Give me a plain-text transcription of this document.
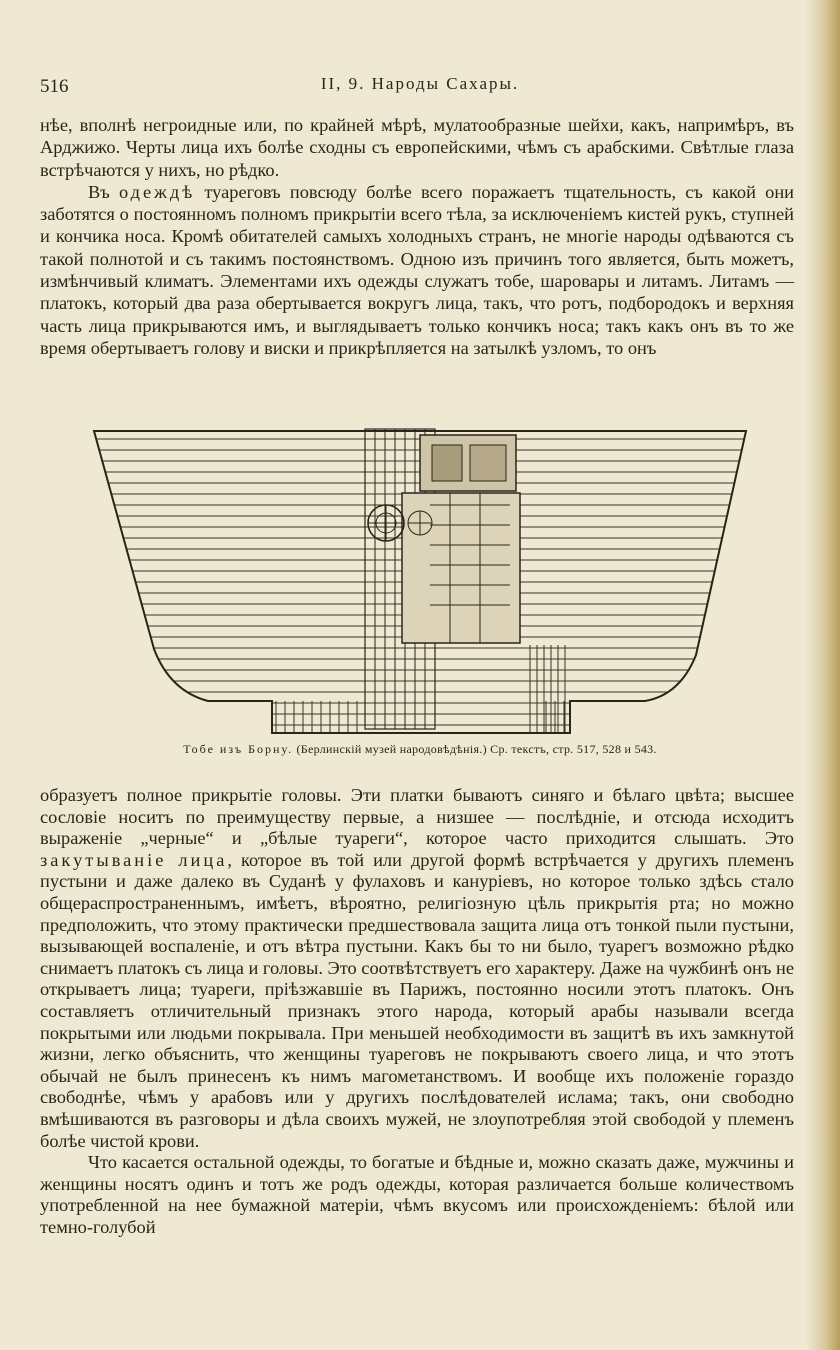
516	II, 9. Народы Сахары.

нѣе, вполнѣ негроидные или, по крайней мѣрѣ, мулатообразные шейхи, какъ, напримѣръ, въ Арджижо. Черты лица ихъ болѣе сходны съ европейскими, чѣмъ съ арабскими. Свѣтлые глаза встрѣчаются у нихъ, но рѣдко.

Въ одеждѣ туареговъ повсюду болѣе всего поражаетъ тщательность, съ какой они заботятся о постоянномъ полномъ прикрытіи всего тѣла, за исключеніемъ кистей рукъ, ступней и кончика носа. Кромѣ обитателей самыхъ холодныхъ странъ, не многіе народы одѣваются съ такой полнотой и съ такимъ постоянствомъ. Одною изъ причинъ того является, быть можетъ, измѣнчивый климатъ. Элементами ихъ одежды служатъ тобе, шаровары и литамъ. Литамъ — платокъ, который два раза обертывается вокругъ лица, такъ, что ротъ, подбородокъ и верхняя часть лица прикрываются имъ, и выглядываетъ только кончикъ носа; такъ какъ онъ въ то же время обертываетъ голову и виски и прикрѣпляется на затылкѣ узломъ, то онъ

Тобе изъ Борну. (Берлинскій музей народовѣдѣнія.) Ср. текстъ, стр. 517, 528 и 543.

образуетъ полное прикрытіе головы. Эти платки бываютъ синяго и бѣлаго цвѣта; высшее сословіе носитъ по преимуществу первые, а низшее — послѣдніе, и отсюда исходитъ выраженіе „черные“ и „бѣлые туареги“, которое часто приходится слышать. Это закутываніе лица, которое въ той или другой формѣ встрѣчается у другихъ племенъ пустыни и даже далеко въ Суданѣ у фулаховъ и канурiевъ, но которое только здѣсь стало общераспространеннымъ, имѣетъ, вѣроятно, религіозную цѣль прикрытія рта; но можно предположить, что этому практически предшествовала защита лица отъ тонкой пыли пустыни, вызывающей воспаленіе, и отъ вѣтра пустыни. Какъ бы то ни было, туарегъ возможно рѣдко снимаетъ платокъ съ лица и головы. Это соотвѣтствуетъ его характеру. Даже на чужбинѣ онъ не открываетъ лица; туареги, пріѣзжавшіе въ Парижъ, постоянно носили этотъ платокъ. Онъ составляетъ отличительный признакъ этого народа, который арабы называли всегда покрытыми или людьми покрывала. При меньшей необходимости въ защитѣ въ ихъ замкнутой жизни, легко объяснить, что женщины туареговъ не покрываютъ своего лица, и что этотъ обычай не былъ принесенъ къ нимъ магометанствомъ. И вообще ихъ положеніе гораздо свободнѣе, чѣмъ у арабовъ или у другихъ послѣдователей ислама; такъ, они свободно вмѣшиваются въ разговоры и дѣла своихъ мужей, не злоупотребляя этой свободой у племенъ болѣе чистой крови.

Что касается остальной одежды, то богатые и бѣдные и, можно сказать даже, мужчины и женщины носятъ одинъ и тотъ же родъ одежды, которая различается больше количествомъ употребленной на нее бумажной матеріи, чѣмъ вкусомъ или происхожденіемъ: бѣлой или темно-голубой
